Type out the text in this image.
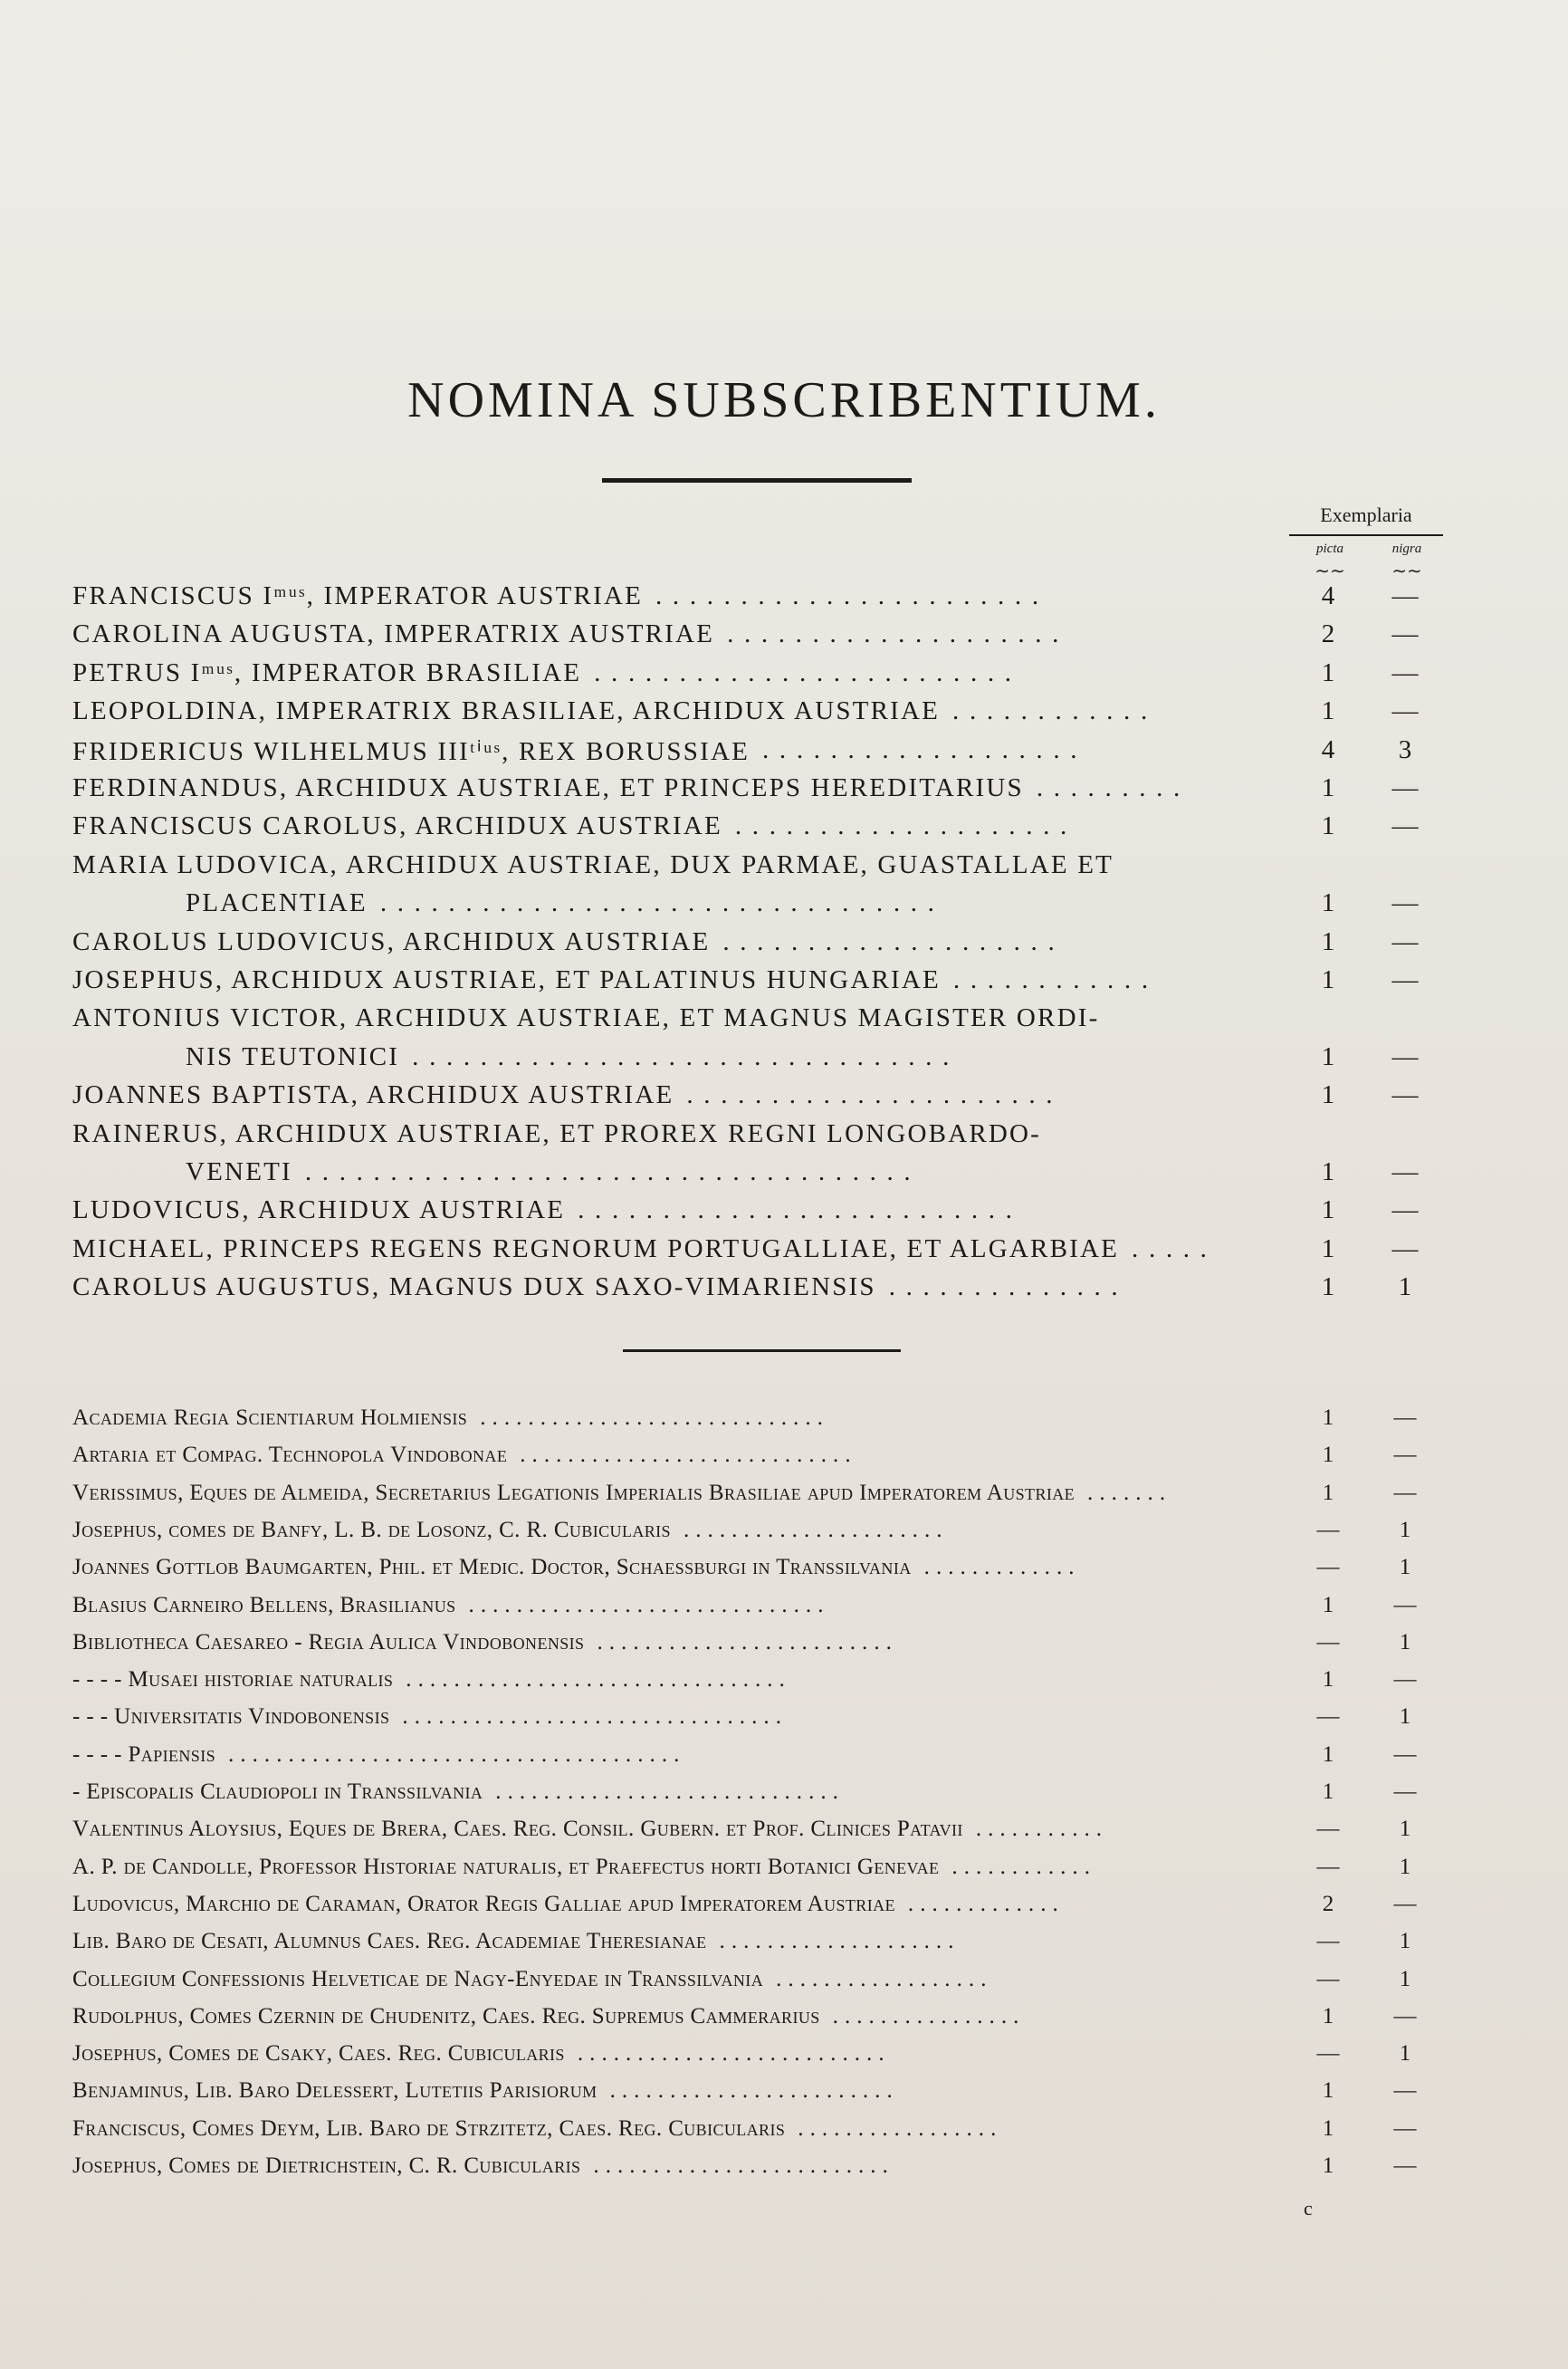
NOMINA SUBSCRIBENTIUM.
Exemplaria
picta	nigra
∼∼	∼∼
FRANCISCUS Iᵐᵘˢ, IMPERATOR AUSTRIAE . . . . . . . . . . . . . . . . . . . . . . .	4	—
CAROLINA AUGUSTA, IMPERATRIX AUSTRIAE . . . . . . . . . . . . . . . . . . . .	2	—
PETRUS Iᵐᵘˢ, IMPERATOR BRASILIAE . . . . . . . . . . . . . . . . . . . . . . . . .	1	—
LEOPOLDINA, IMPERATRIX BRASILIAE, ARCHIDUX AUSTRIAE . . . . . . . . . . . .	1	—
FRIDERICUS WILHELMUS IIIᵗⁱᵘˢ, REX BORUSSIAE . . . . . . . . . . . . . . . . . . .	4	3
FERDINANDUS, ARCHIDUX AUSTRIAE, ET PRINCEPS HEREDITARIUS . . . . . . . . .	1	—
FRANCISCUS CAROLUS, ARCHIDUX AUSTRIAE . . . . . . . . . . . . . . . . . . . .	1	—
MARIA LUDOVICA, ARCHIDUX AUSTRIAE, DUX PARMAE, GUASTALLAE ET
PLACENTIAE . . . . . . . . . . . . . . . . . . . . . . . . . . . . . . . . .	1	—
CAROLUS LUDOVICUS, ARCHIDUX AUSTRIAE . . . . . . . . . . . . . . . . . . . .	1	—
JOSEPHUS, ARCHIDUX AUSTRIAE, ET PALATINUS HUNGARIAE . . . . . . . . . . . .	1	—
ANTONIUS VICTOR, ARCHIDUX AUSTRIAE, ET MAGNUS MAGISTER ORDI-
NIS TEUTONICI . . . . . . . . . . . . . . . . . . . . . . . . . . . . . . . .	1	—
JOANNES BAPTISTA, ARCHIDUX AUSTRIAE . . . . . . . . . . . . . . . . . . . . . .	1	—
RAINERUS, ARCHIDUX AUSTRIAE, ET PROREX REGNI LONGOBARDO-
VENETI . . . . . . . . . . . . . . . . . . . . . . . . . . . . . . . . . . . .	1	—
LUDOVICUS, ARCHIDUX AUSTRIAE . . . . . . . . . . . . . . . . . . . . . . . . . .	1	—
MICHAEL, PRINCEPS REGENS REGNORUM PORTUGALLIAE, ET ALGARBIAE . . . . .	1	—
CAROLUS AUGUSTUS, MAGNUS DUX SAXO-VIMARIENSIS . . . . . . . . . . . . . .	1	1
Academia Regia Scientiarum Holmiensis . . . . . . . . . . . . . . . . . . . . . . . . . . . . .	1	—
Artaria et Compag. Technopola Vindobonae . . . . . . . . . . . . . . . . . . . . . . . . . . . .	1	—
Verissimus, Eques de Almeida, Secretarius Legationis Imperialis Brasiliae apud Imperatorem Austriae . . . . . . .	1	—
Josephus, comes de Banfy, L. B. de Losonz, C. R. Cubicularis . . . . . . . . . . . . . . . . . . . . . .	—	1
Joannes Gottlob Baumgarten, Phil. et Medic. Doctor, Schaessburgi in Transsilvania . . . . . . . . . . . . .	—	1
Blasius Carneiro Bellens, Brasilianus . . . . . . . . . . . . . . . . . . . . . . . . . . . . . .	1	—
Bibliotheca Caesareo - Regia Aulica Vindobonensis . . . . . . . . . . . . . . . . . . . . . . . . .	—	1
- - - - Musaei historiae naturalis . . . . . . . . . . . . . . . . . . . . . . . . . . . . . . . .	1	—
- - - Universitatis Vindobonensis . . . . . . . . . . . . . . . . . . . . . . . . . . . . . . . .	—	1
- - - - Papiensis . . . . . . . . . . . . . . . . . . . . . . . . . . . . . . . . . . . . . .	1	—
- Episcopalis Claudiopoli in Transsilvania . . . . . . . . . . . . . . . . . . . . . . . . . . . . .	1	—
Valentinus Aloysius, Eques de Brera, Caes. Reg. Consil. Gubern. et Prof. Clinices Patavii . . . . . . . . . . .	—	1
A. P. de Candolle, Professor Historiae naturalis, et Praefectus horti Botanici Genevae . . . . . . . . . . . .	—	1
Ludovicus, Marchio de Caraman, Orator Regis Galliae apud Imperatorem Austriae . . . . . . . . . . . . .	2	—
Lib. Baro de Cesati, Alumnus Caes. Reg. Academiae Theresianae . . . . . . . . . . . . . . . . . . . .	—	1
Collegium Confessionis Helveticae de Nagy-Enyedae in Transsilvania . . . . . . . . . . . . . . . . . .	—	1
Rudolphus, Comes Czernin de Chudenitz, Caes. Reg. Supremus Cammerarius . . . . . . . . . . . . . . . .	1	—
Josephus, Comes de Csaky, Caes. Reg. Cubicularis . . . . . . . . . . . . . . . . . . . . . . . . . .	—	1
Benjaminus, Lib. Baro Delessert, Lutetiis Parisiorum . . . . . . . . . . . . . . . . . . . . . . . .	1	—
Franciscus, Comes Deym, Lib. Baro de Strzitetz, Caes. Reg. Cubicularis . . . . . . . . . . . . . . . . .	1	—
Josephus, Comes de Dietrichstein, C. R. Cubicularis . . . . . . . . . . . . . . . . . . . . . . . . .	1	—
c
